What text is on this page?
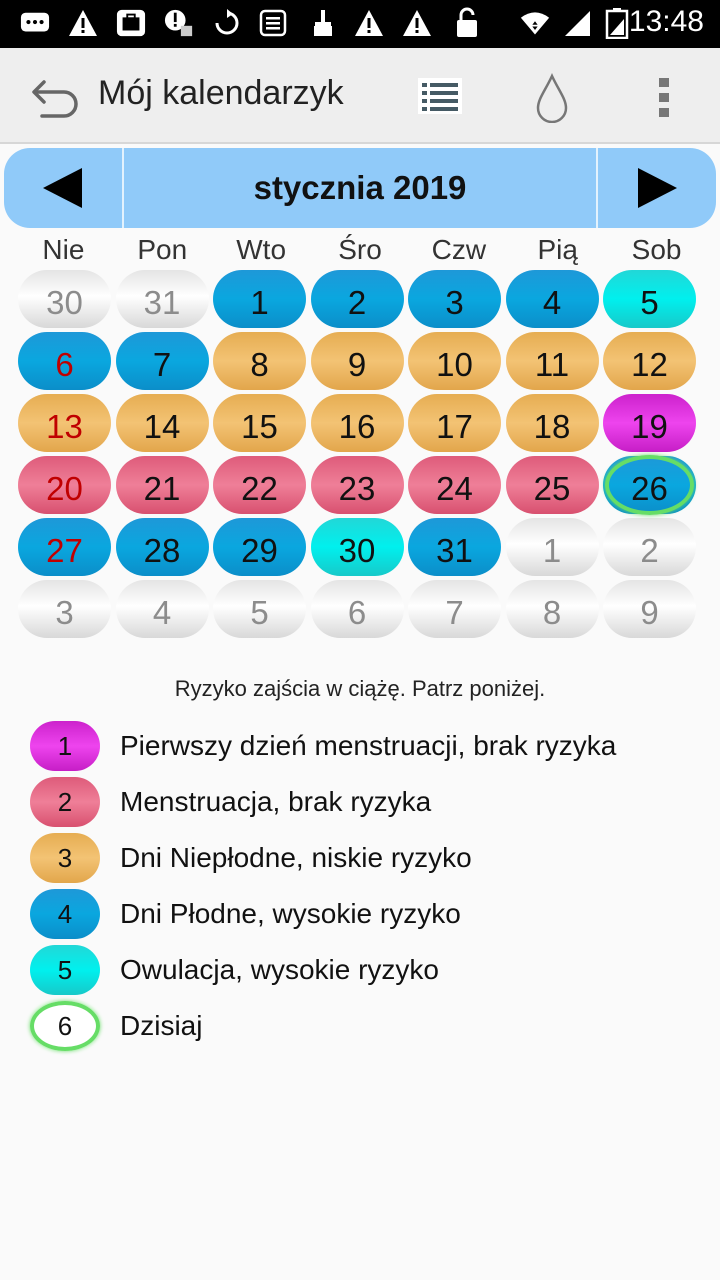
13:48
Mój kalendarzyk
stycznia 2019
Nie	Pon	Wto	Śro	Czw	Pią	Sob
30 31 1 2 3 4 5
6 7 8 9 10 11 12
13 14 15 16 17 18 19
20 21 22 23 24 25 26
27 28 29 30 31 1 2
3 4 5 6 7 8 9
Ryzyko zajścia w ciążę. Patrz poniżej.
1 Pierwszy dzień menstruacji, brak ryzyka
2 Menstruacja, brak ryzyka
3 Dni Niepłodne, niskie ryzyko
4 Dni Płodne, wysokie ryzyko
5 Owulacja, wysokie ryzyko
6 Dzisiaj
